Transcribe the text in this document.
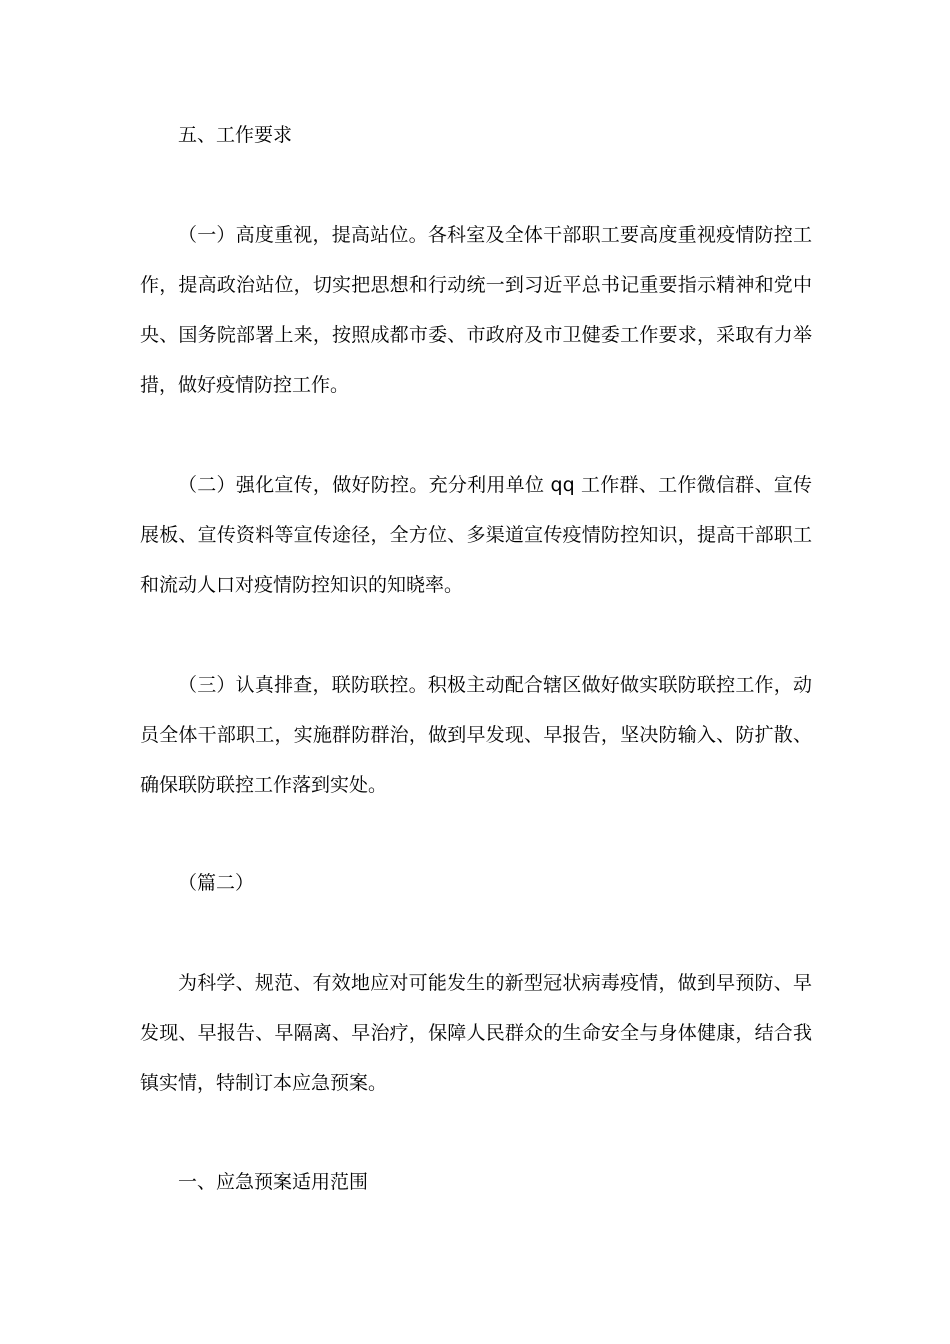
五、工作要求

（一）高度重视，提高站位。各科室及全体干部职工要高度重视疫情防控工作，提高政治站位，切实把思想和行动统一到习近平总书记重要指示精神和党中央、国务院部署上来，按照成都市委、市政府及市卫健委工作要求，采取有力举措，做好疫情防控工作。

（二）强化宣传，做好防控。充分利用单位 qq 工作群、工作微信群、宣传展板、宣传资料等宣传途径，全方位、多渠道宣传疫情防控知识，提高干部职工和流动人口对疫情防控知识的知晓率。

（三）认真排查，联防联控。积极主动配合辖区做好做实联防联控工作，动员全体干部职工，实施群防群治，做到早发现、早报告，坚决防输入、防扩散、确保联防联控工作落到实处。

（篇二）

为科学、规范、有效地应对可能发生的新型冠状病毒疫情，做到早预防、早发现、早报告、早隔离、早治疗，保障人民群众的生命安全与身体健康，结合我镇实情，特制订本应急预案。

一、应急预案适用范围
